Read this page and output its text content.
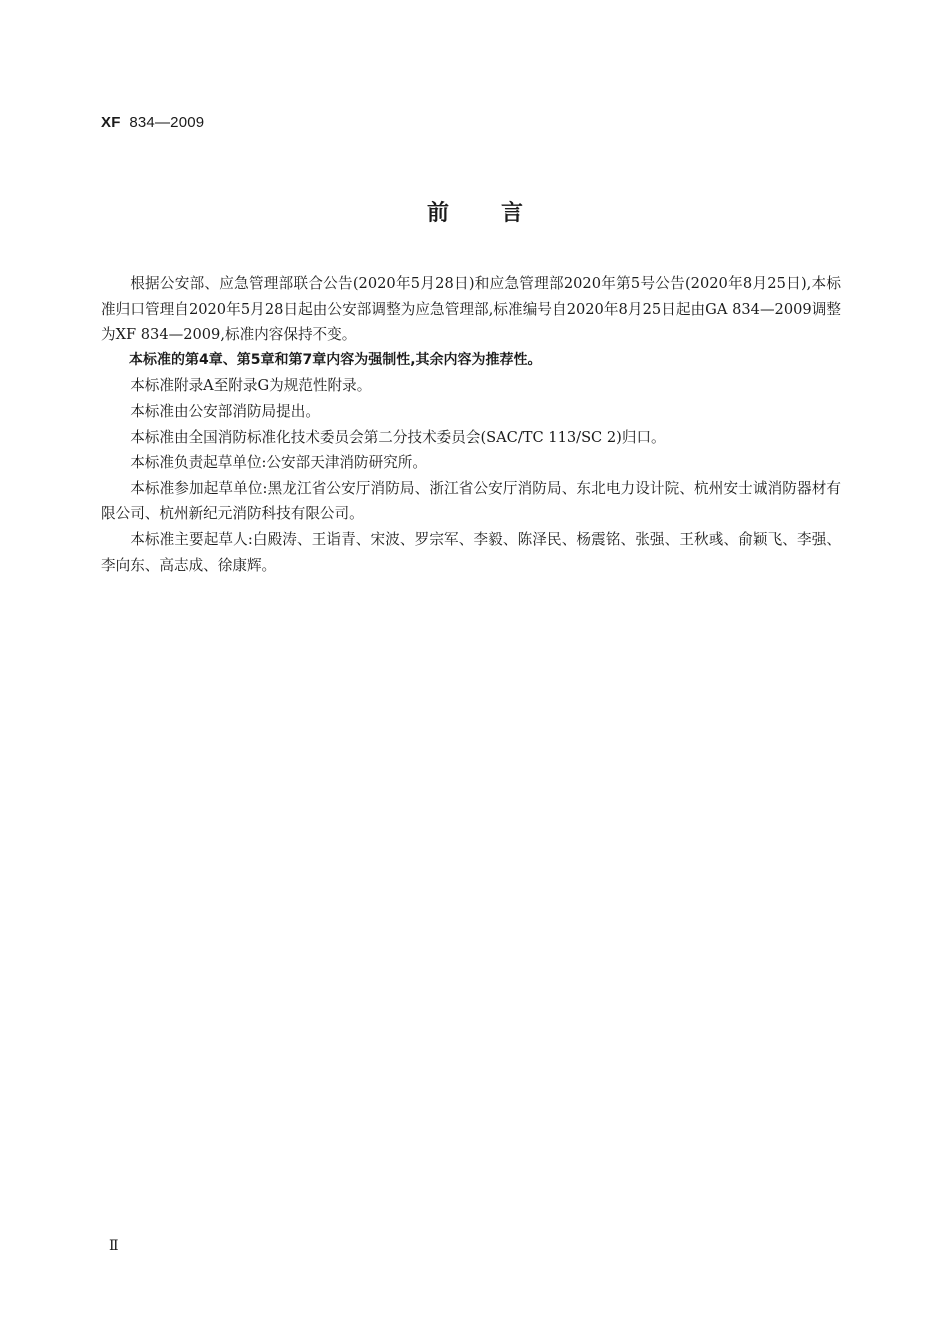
XF 834—2009
前言

根据公安部、应急管理部联合公告(2020年5月28日)和应急管理部2020年第5号公告(2020年8月25日),本标准归口管理自2020年5月28日起由公安部调整为应急管理部,标准编号自2020年8月25日起由GA 834—2009调整为XF 834—2009,标准内容保持不变。

本标准的第4章、第5章和第7章内容为强制性,其余内容为推荐性。

本标准附录A至附录G为规范性附录。

本标准由公安部消防局提出。

本标准由全国消防标准化技术委员会第二分技术委员会(SAC/TC 113/SC 2)归口。

本标准负责起草单位:公安部天津消防研究所。

本标准参加起草单位:黑龙江省公安厅消防局、浙江省公安厅消防局、东北电力设计院、杭州安士诚消防器材有限公司、杭州新纪元消防科技有限公司。

本标准主要起草人:白殿涛、王诣青、宋波、罗宗军、李毅、陈泽民、杨震铭、张强、王秋彧、俞颖飞、李强、李向东、高志成、徐康辉。

Ⅱ
